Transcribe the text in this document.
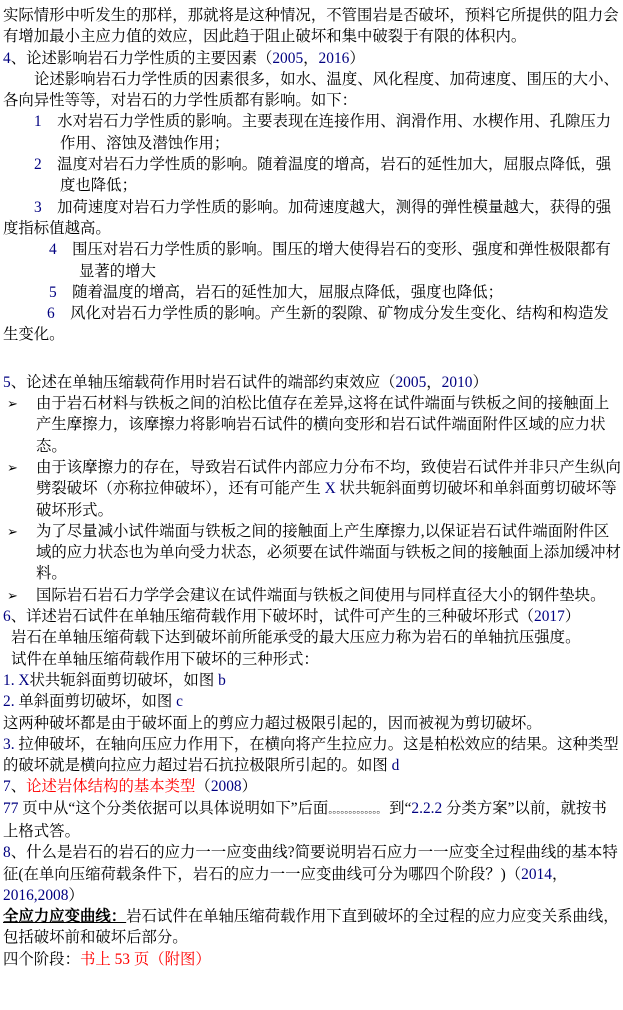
实际情形中听发生的那样，那就将是这种情况，不管围岩是否破坏，预料它所提供的阻力会有增加最小主应力值的效应，因此趋于阻止破坏和集中破裂于有限的体积内。
4、论述影响岩石力学性质的主要因素（2005，2016）
论述影响岩石力学性质的因素很多，如水、温度、风化程度、加荷速度、围压的大小、各向异性等等，对岩石的力学性质都有影响。如下：
1　水对岩石力学性质的影响。主要表现在连接作用、润滑作用、水楔作用、孔隙压力作用、溶蚀及潜蚀作用；
2　温度对岩石力学性质的影响。随着温度的增高，岩石的延性加大，屈服点降低，强度也降低；
3　加荷速度对岩石力学性质的影响。加荷速度越大，测得的弹性模量越大，获得的强度指标值越高。
4　围压对岩石力学性质的影响。围压的增大使得岩石的变形、强度和弹性极限都有显著的增大
5　随着温度的增高，岩石的延性加大，屈服点降低，强度也降低；
6　风化对岩石力学性质的影响。产生新的裂隙、矿物成分发生变化、结构和构造发生变化。
5、论述在单轴压缩载荷作用时岩石试件的端部约束效应（2005，2010）
➢ 由于岩石材料与铁板之间的泊松比值存在差异,这将在试件端面与铁板之间的接触面上产生摩擦力，该摩擦力将影响岩石试件的横向变形和岩石试件端面附件区域的应力状态。
➢ 由于该摩擦力的存在，导致岩石试件内部应力分布不均，致使岩石试件并非只产生纵向劈裂破坏（亦称拉伸破坏），还有可能产生 X 状共轭斜面剪切破坏和单斜面剪切破坏等破坏形式。
➢ 为了尽量减小试件端面与铁板之间的接触面上产生摩擦力,以保证岩石试件端面附件区域的应力状态也为单向受力状态，必须要在试件端面与铁板之间的接触面上添加缓冲材料。
➢ 国际岩石岩石力学学会建议在试件端面与铁板之间使用与同样直径大小的钢件垫块。
6、详述岩石试件在单轴压缩荷载作用下破坏时，试件可产生的三种破坏形式（2017）
岩石在单轴压缩荷载下达到破坏前所能承受的最大压应力称为岩石的单轴抗压强度。
试件在单轴压缩荷载作用下破坏的三种形式：
1. X状共轭斜面剪切破坏，如图 b
2. 单斜面剪切破坏，如图 c
这两种破坏都是由于破坏面上的剪应力超过极限引起的，因而被视为剪切破坏。
3. 拉伸破坏，在轴向压应力作用下，在横向将产生拉应力。这是柏松效应的结果。这种类型的破坏就是横向拉应力超过岩石抗拉极限所引起的。如图 d
7、论述岩体结构的基本类型（2008）
77 页中从“这个分类依据可以具体说明如下”后面。。。。。。。。。。。。。 到“2.2.2 分类方案”以前，就按书上格式答。
8、什么是岩石的岩石的应力一一应变曲线?简要说明岩石应力一一应变全过程曲线的基本特征(在单向压缩荷载条件下，岩石的应力一一应变曲线可分为哪四个阶段？)（2014，2016,2008）
全应力应变曲线：岩石试件在单轴压缩荷载作用下直到破坏的全过程的应力应变关系曲线，包括破坏前和破坏后部分。
四个阶段：书上 53 页（附图）
